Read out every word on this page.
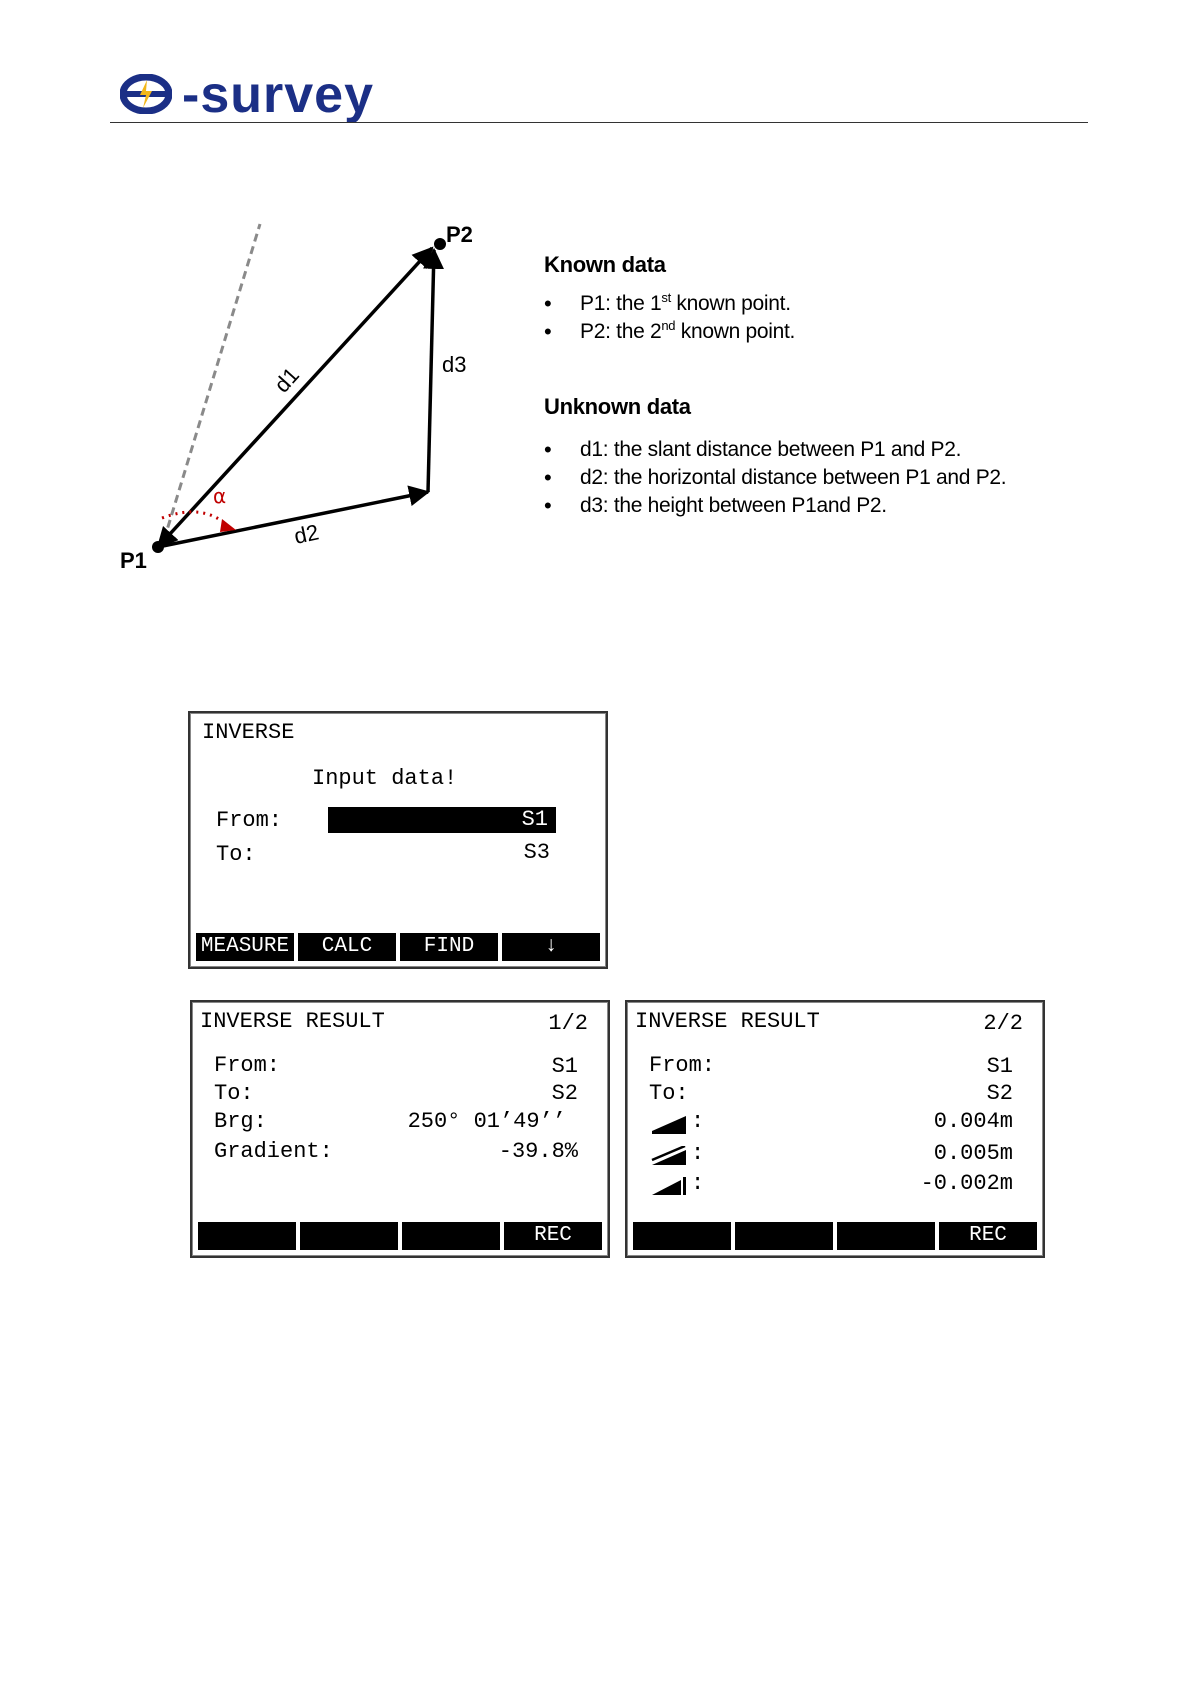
-survey
P2
P1
d1
d2
d3
α
Known data
• P1: the 1st known point.
• P2: the 2nd known point.
Unknown data
• d1: the slant distance between P1 and P2.
• d2: the horizontal distance between P1 and P2.
• d3: the height between P1and P2.
INVERSE
Input data!
From:	S1
To:	S3
MEASURE	CALC	FIND	↓
INVERSE RESULT	1/2
From:	S1
To:	S2
Brg:	250° 01’49’’
Gradient:	-39.8%
REC
INVERSE RESULT	2/2
From:	S1
To:	S2
:	0.004m
:	0.005m
:	-0.002m
REC
